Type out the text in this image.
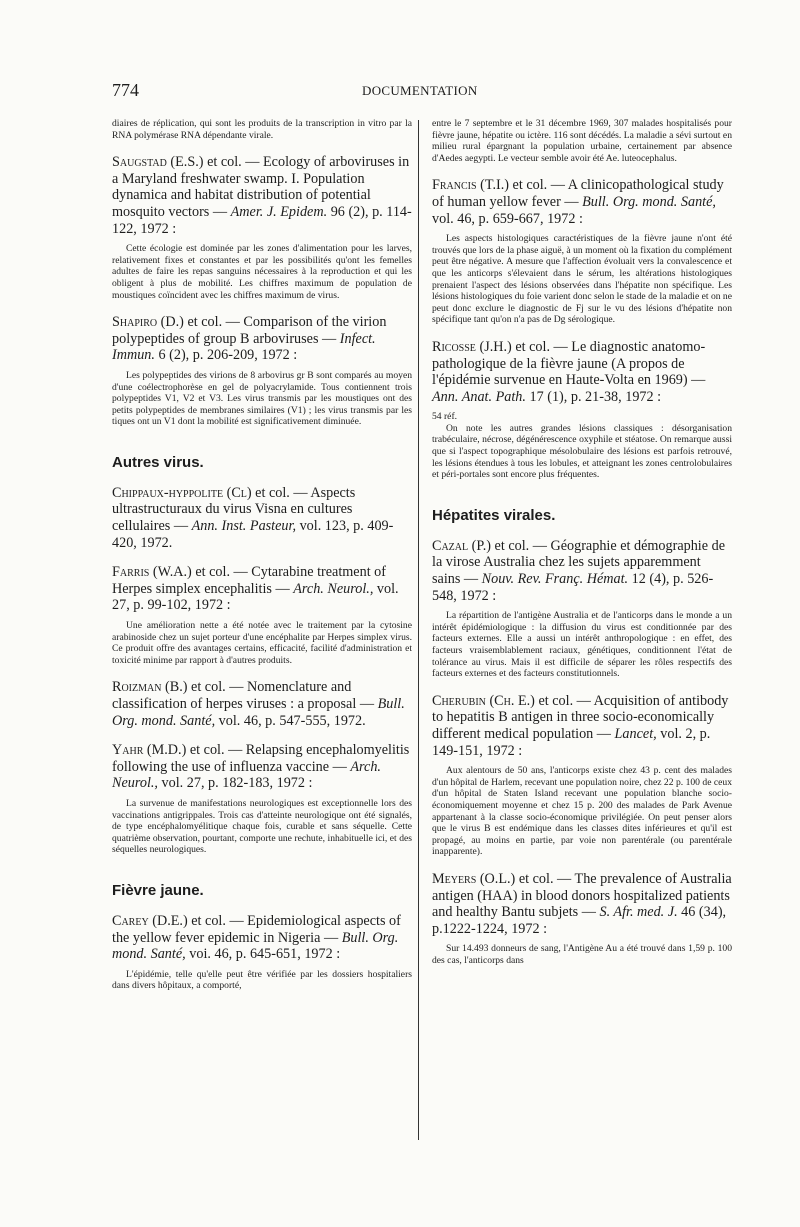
774	DOCUMENTATION

diaires de réplication, qui sont les produits de la transcription in vitro par la RNA polymérase RNA dépendante virale.

Saugstad (E.S.) et col. — Ecology of arboviruses in a Maryland freshwater swamp. I. Population dynamica and habitat distribution of potential mosquito vectors — Amer. J. Epidem. 96 (2), p. 114-122, 1972 :

Cette écologie est dominée par les zones d'alimentation pour les larves, relativement fixes et constantes et par les possibilités qu'ont les femelles adultes de faire les repas sanguins nécessaires à la reproduction et qui les obligent à plus de mobilité. Les chiffres maximum de population de moustiques coïncident avec les chiffres maximum de virus.

Shapiro (D.) et col. — Comparison of the virion polypeptides of group B arboviruses — Infect. Immun. 6 (2), p. 206-209, 1972 :

Les polypeptides des virions de 8 arbovirus gr B sont comparés au moyen d'une coélectrophorèse en gel de polyacrylamide. Tous contiennent trois polypeptides V1, V2 et V3. Les virus transmis par les moustiques ont des petits polypeptides de membranes similaires (V1) ; les virus transmis par les tiques ont un V1 dont la mobilité est significativement diminuée.

Autres virus.

Chippaux-hyppolite (Cl) et col. — Aspects ultrastructuraux du virus Visna en cultures cellulaires — Ann. Inst. Pasteur, vol. 123, p. 409-420, 1972.

Farris (W.A.) et col. — Cytarabine treatment of Herpes simplex encephalitis — Arch. Neurol., vol. 27, p. 99-102, 1972 :

Une amélioration nette a été notée avec le traitement par la cytosine arabinoside chez un sujet porteur d'une encéphalite par Herpes simplex virus. Ce produit offre des avantages certains, efficacité, facilité d'administration et toxicité minime par rapport à d'autres produits.

Roizman (B.) et col. — Nomenclature and classification of herpes viruses : a proposal — Bull. Org. mond. Santé, vol. 46, p. 547-555, 1972.

Yahr (M.D.) et col. — Relapsing encephalomyelitis following the use of influenza vaccine — Arch. Neurol., vol. 27, p. 182-183, 1972 :

La survenue de manifestations neurologiques est exceptionnelle lors des vaccinations antigrippales. Trois cas d'atteinte neurologique ont été signalés, de type encéphalomyélitique chaque fois, curable et sans séquelle. Cette quatrième observation, pourtant, comporte une rechute, inhabituelle ici, et des séquelles neurologiques.

Fièvre jaune.

Carey (D.E.) et col. — Epidemiological aspects of the yellow fever epidemic in Nigeria — Bull. Org. mond. Santé, voi. 46, p. 645-651, 1972 :

L'épidémie, telle qu'elle peut être vérifiée par les dossiers hospitaliers dans divers hôpitaux, a comporté,

entre le 7 septembre et le 31 décembre 1969, 307 malades hospitalisés pour fièvre jaune, hépatite ou ictère. 116 sont décédés. La maladie a sévi surtout en milieu rural épargnant la population urbaine, certainement par absence d'Aedes aegypti. Le vecteur semble avoir été Ae. luteocephalus.

Francis (T.I.) et col. — A clinicopathological study of human yellow fever — Bull. Org. mond. Santé, vol. 46, p. 659-667, 1972 :

Les aspects histologiques caractéristiques de la fièvre jaune n'ont été trouvés que lors de la phase aiguë, à un moment où la fixation du complément peut être négative. A mesure que l'affection évoluait vers la convalescence et que les anticorps s'élevaient dans le sérum, les altérations histologiques prenaient l'aspect des lésions observées dans l'hépatite non spécifique. Les lésions histologiques du foie varient donc selon le stade de la maladie et on ne peut donc exclure le diagnostic de Fj sur le vu des lésions d'hépatite non spécifique tant qu'on n'a pas de Dg sérologique.

Ricosse (J.H.) et col. — Le diagnostic anatomo-pathologique de la fièvre jaune (A propos de l'épidémie survenue en Haute-Volta en 1969) — Ann. Anat. Path. 17 (1), p. 21-38, 1972 :

54 réf.

On note les autres grandes lésions classiques : désorganisation trabéculaire, nécrose, dégénérescence oxyphile et stéatose. On remarque aussi que si l'aspect topographique mésolobulaire des lésions est parfois retrouvé, les lésions étendues à tous les lobules, et atteignant les zones centrolobulaires et péri-portales sont encore plus fréquentes.

Hépatites virales.

Cazal (P.) et col. — Géographie et démographie de la virose Australia chez les sujets apparemment sains — Nouv. Rev. Franç. Hémat. 12 (4), p. 526-548, 1972 :

La répartition de l'antigène Australia et de l'anticorps dans le monde a un intérêt épidémiologique : la diffusion du virus est conditionnée par des facteurs externes. Elle a aussi un intérêt anthropologique : en effet, des facteurs vraisemblablement raciaux, génétiques, conditionnent l'état de tolérance au virus. Mais il est difficile de séparer les rôles respectifs des facteurs externes et des facteurs constitutionnels.

Cherubin (Ch. E.) et col. — Acquisition of antibody to hepatitis B antigen in three socio-economically different medical population — Lancet, vol. 2, p. 149-151, 1972 :

Aux alentours de 50 ans, l'anticorps existe chez 43 p. cent des malades d'un hôpital de Harlem, recevant une population noire, chez 22 p. 100 de ceux d'un hôpital de Staten Island recevant une population blanche socio-économiquement moyenne et chez 15 p. 200 des malades de Park Avenue appartenant à la classe socio-économique privilégiée. On peut penser alors que le virus B est endémique dans les classes dites inférieures et qu'il est propagé, au moins en partie, par voie non parentérale (ou parentérale inapparente).

Meyers (O.L.) et col. — The prevalence of Australia antigen (HAA) in blood donors hospitalized patients and healthy Bantu subjets — S. Afr. med. J. 46 (34), p.1222-1224, 1972 :

Sur 14.493 donneurs de sang, l'Antigène Au a été trouvé dans 1,59 p. 100 des cas, l'anticorps dans
